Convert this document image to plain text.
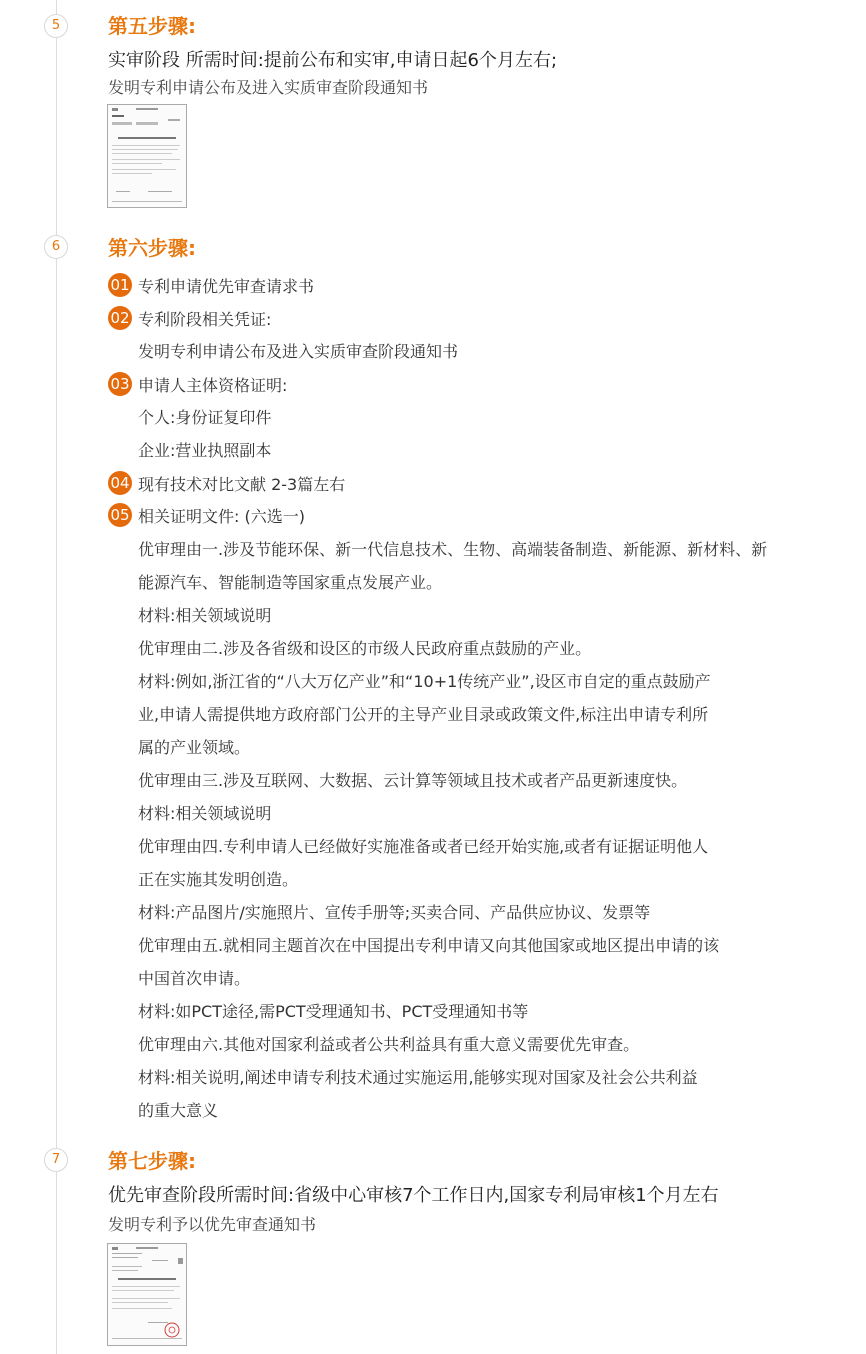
5	第五步骤:
实审阶段 所需时间:提前公布和实审,申请日起6个月左右;
发明专利申请公布及进入实质审查阶段通知书
6	第六步骤:
01 专利申请优先审查请求书
02 专利阶段相关凭证:
发明专利申请公布及进入实质审查阶段通知书
03 申请人主体资格证明:
个人:身份证复印件
企业:营业执照副本
04 现有技术对比文献 2-3篇左右
05 相关证明文件: (六选一)
优审理由一.涉及节能环保、新一代信息技术、生物、高端装备制造、新能源、新材料、新
能源汽车、智能制造等国家重点发展产业。
材料:相关领域说明
优审理由二.涉及各省级和设区的市级人民政府重点鼓励的产业。
材料:例如,浙江省的“八大万亿产业”和“10+1传统产业”,设区市自定的重点鼓励产
业,申请人需提供地方政府部门公开的主导产业目录或政策文件,标注出申请专利所
属的产业领域。
优审理由三.涉及互联网、大数据、云计算等领域且技术或者产品更新速度快。
材料:相关领域说明
优审理由四.专利申请人已经做好实施准备或者已经开始实施,或者有证据证明他人
正在实施其发明创造。
材料:产品图片/实施照片、宣传手册等;买卖合同、产品供应协议、发票等
优审理由五.就相同主题首次在中国提出专利申请又向其他国家或地区提出申请的该
中国首次申请。
材料:如PCT途径,需PCT受理通知书、PCT受理通知书等
优审理由六.其他对国家利益或者公共利益具有重大意义需要优先审查。
材料:相关说明,阐述申请专利技术通过实施运用,能够实现对国家及社会公共利益
的重大意义
7	第七步骤:
优先审查阶段所需时间:省级中心审核7个工作日内,国家专利局审核1个月左右
发明专利予以优先审查通知书
